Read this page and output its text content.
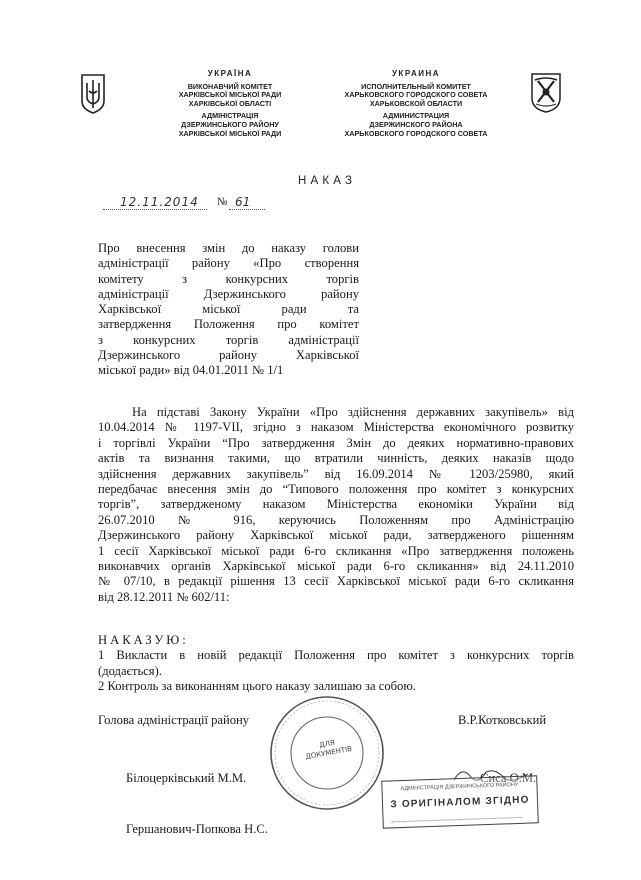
УКРАЇНА
ВИКОНАВЧИЙ КОМІТЕТ
ХАРКІВСЬКОЇ МІСЬКОЇ РАДИ
ХАРКІВСЬКОЇ ОБЛАСТІ
АДМІНІСТРАЦІЯ
ДЗЕРЖИНСЬКОГО РАЙОНУ
ХАРКІВСЬКОЇ МІСЬКОЇ РАДИ
УКРАИНА
ИСПОЛНИТЕЛЬНЫЙ КОМИТЕТ
ХАРЬКОВСКОГО ГОРОДСКОГО СОВЕТА
ХАРЬКОВСКОЙ ОБЛАСТИ
АДМИНИСТРАЦИЯ
ДЗЕРЖИНСКОГО РАЙОНА
ХАРЬКОВСКОГО ГОРОДСКОГО СОВЕТА
НАКАЗ
12.11.2014 № 61
Про внесення змін до наказу голови
адміністрації району «Про створення
комітету з конкурсних торгів
адміністрації Дзержинського району
Харківської міської ради та
затвердження Положення про комітет
з конкурсних торгів адміністрації
Дзержинського району Харківської
міської ради» від 04.01.2011 № 1/1
На підставі Закону України «Про здійснення державних закупівель» від
10.04.2014 № 1197-VII, згідно з наказом Міністерства економічного розвитку
і торгівлі України “Про затвердження Змін до деяких нормативно-правових
актів та визнання такими, що втратили чинність, деяких наказів щодо
здійснення державних закупівель” від 16.09.2014 № 1203/25980, який
передбачає внесення змін до “Типового положення про комітет з конкурсних
торгів”, затвердженому наказом Міністерства економіки України від
26.07.2010 № 916, керуючись Положенням про Адміністрацію
Дзержинського району Харківської міської ради, затвердженого рішенням
1 сесії Харківської міської ради 6-го скликання «Про затвердження положень
виконавчих органів Харківської міської ради 6-го скликання» від 24.11.2010
№ 07/10, в редакції рішення 13 сесії Харківської міської ради 6-го скликання
від 28.12.2011 № 602/11:
НАКАЗУЮ:
1 Викласти в новій редакції Положення про комітет з конкурсних торгів
(додається).
2 Контроль за виконанням цього наказу залишаю за собою.
ДЛЯ ДОКУМЕНТІВ
Голова адміністрації району	В.Р.Котковський
Білоцерківський М.М.	Сиса О.М.
Гершанович-Попкова Н.С.
АДМІНІСТРАЦІЯ ДЗЕРЖИНСЬКОГО РАЙОНУ
З ОРИГІНАЛОМ ЗГІДНО
